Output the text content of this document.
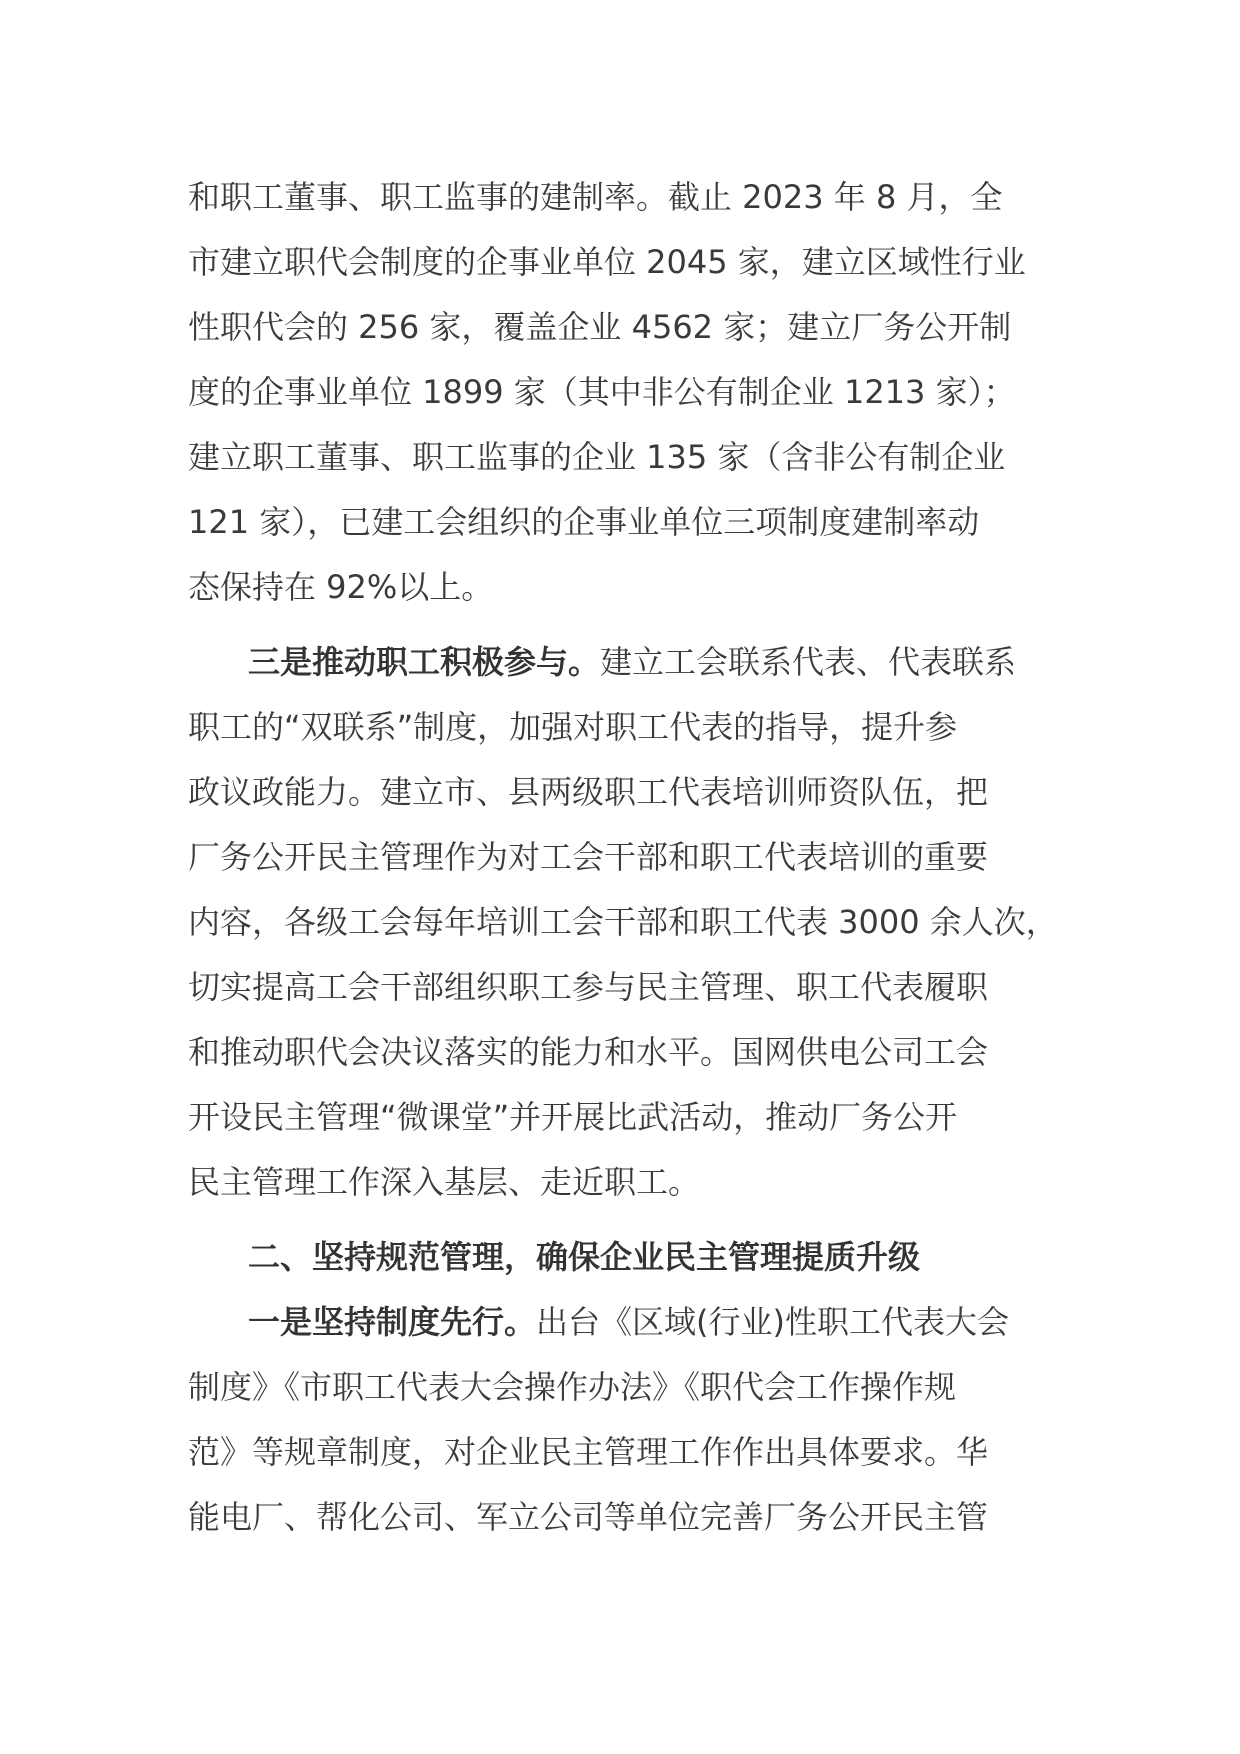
和职工董事、职工监事的建制率。截止 2023 年 8 月，全
市建立职代会制度的企事业单位 2045 家，建立区域性行业
性职代会的 256 家，覆盖企业 4562 家；建立厂务公开制
度的企事业单位 1899 家（其中非公有制企业 1213 家）；
建立职工董事、职工监事的企业 135 家（含非公有制企业
121 家），已建工会组织的企事业单位三项制度建制率动
态保持在 92%以上。
三是推动职工积极参与。建立工会联系代表、代表联系
职工的“双联系”制度，加强对职工代表的指导，提升参
政议政能力。建立市、县两级职工代表培训师资队伍，把
厂务公开民主管理作为对工会干部和职工代表培训的重要
内容，各级工会每年培训工会干部和职工代表 3000 余人次，
切实提高工会干部组织职工参与民主管理、职工代表履职
和推动职代会决议落实的能力和水平。国网供电公司工会
开设民主管理“微课堂”并开展比武活动，推动厂务公开
民主管理工作深入基层、走近职工。
二、坚持规范管理，确保企业民主管理提质升级
一是坚持制度先行。出台《区域(行业)性职工代表大会
制度》《市职工代表大会操作办法》《职代会工作操作规
范》等规章制度，对企业民主管理工作作出具体要求。华
能电厂、帮化公司、军立公司等单位完善厂务公开民主管
